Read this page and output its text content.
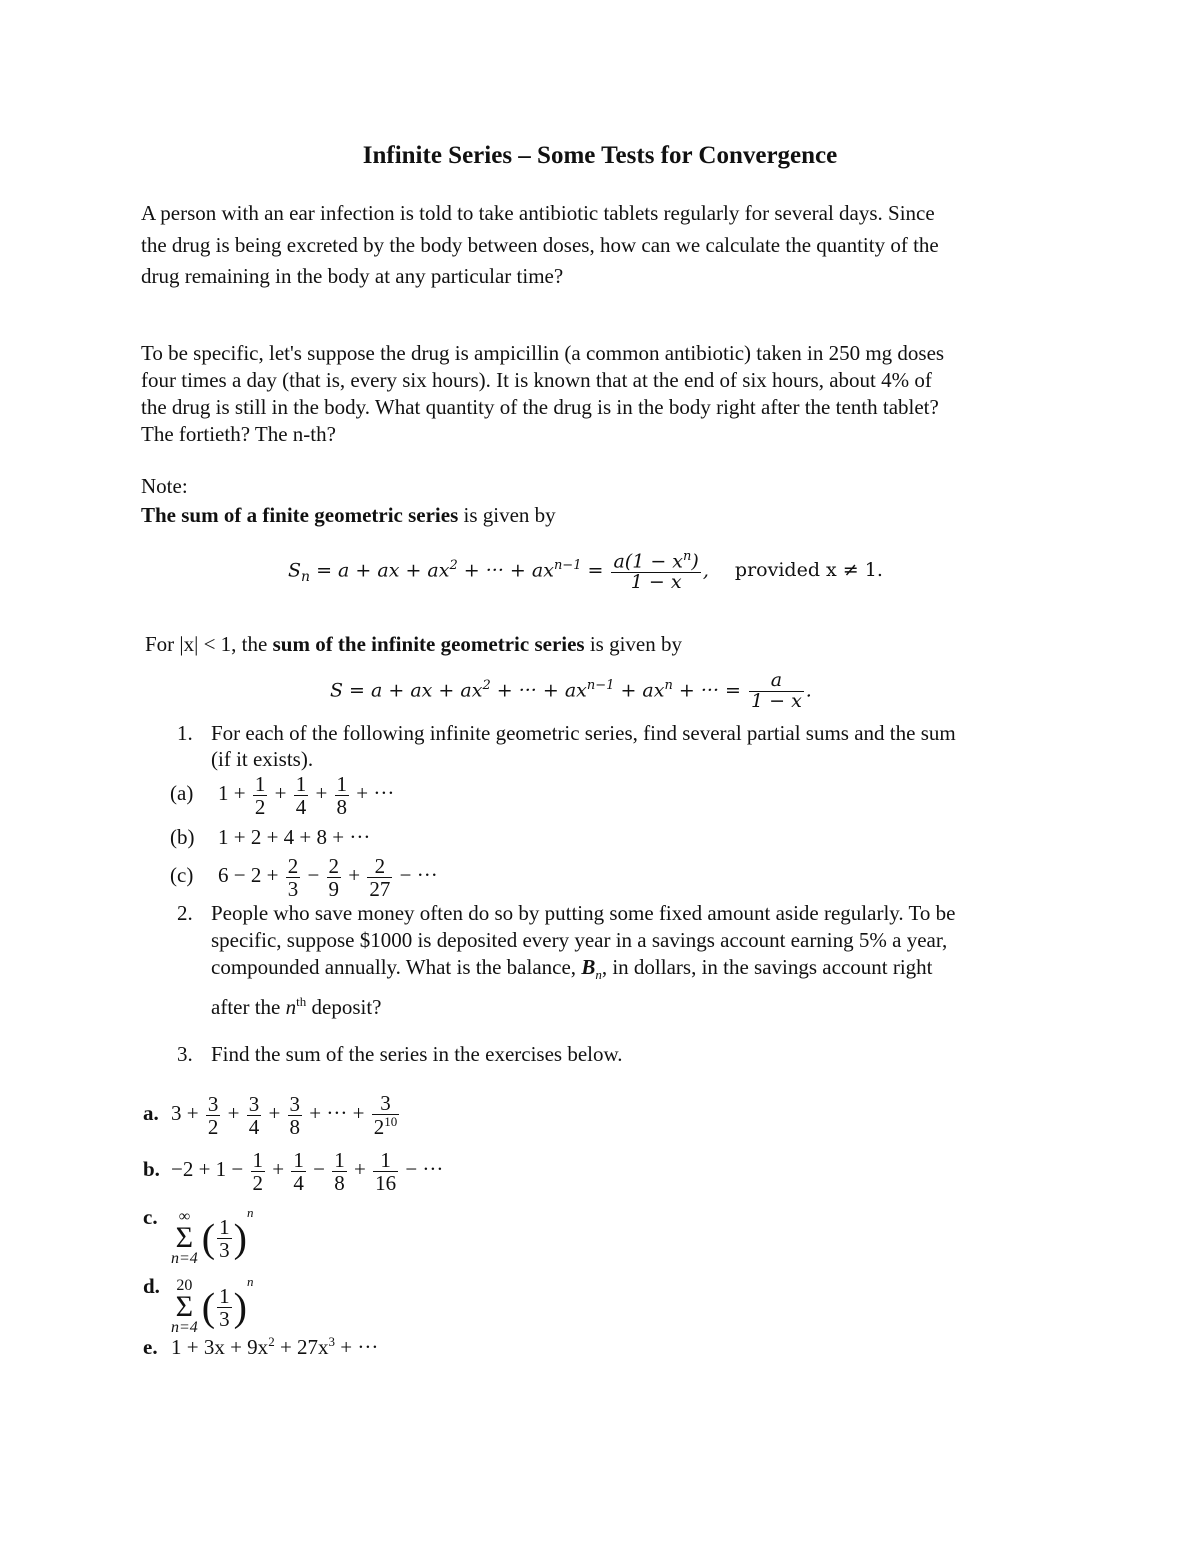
Infinite Series – Some Tests for Convergence
A person with an ear infection is told to take antibiotic tablets regularly for several days. Since
the drug is being excreted by the body between doses, how can we calculate the quantity of the
drug remaining in the body at any particular time?
To be specific, let's suppose the drug is ampicillin (a common antibiotic) taken in 250 mg doses
four times a day (that is, every six hours). It is known that at the end of six hours, about 4% of
the drug is still in the body. What quantity of the drug is in the body right after the tenth tablet?
The fortieth? The n-th?
Note:
The sum of a finite geometric series is given by
$S_n = a$ + ax + $ax^2$ + ··· + $ax^{n-1} = \frac{a(1 - x^n)}{1 - x}$ , provided x ≠ 1.
For |x| < 1, the sum of the infinite geometric series is given by
S = a + ax + $ax^2$ + ··· + $ax^{n-1} + ax^n$ + ··· = $\frac{a}{1 - x}$ .
1. For each of the following infinite geometric series, find several partial sums and the sum
(if it exists).
(a) $1 + \frac{1}{2} + \frac{1}{4} + \frac{1}{8}$ + ···
(b) 1 + 2 + 4 + 8 + ···
(c) $6 - 2 + \frac{2}{3} - \frac{2}{9} + \frac{2}{27}$ − ···
2. People who save money often do so by putting some fixed amount aside regularly. To be
specific, suppose $1000 is deposited every year in a savings account earning 5% a year,
compounded annually. What is the balance, $B_n$, in dollars, in the savings account right
after the $n^{th}$ deposit?
3. Find the sum of the series in the exercises below.
a. $3 + \frac{3}{2} + \frac{3}{4} + \frac{3}{8}$ + ··· + $\frac{3}{2^{10}}$
b. $-2 + 1 - \frac{1}{2} + \frac{1}{4} - \frac{1}{8} + \frac{1}{16}$ − ···
c.	∞
Σ
n=4 ( $\frac{1}{3} )^n$
d.	20
Σ
n=4 ( $\frac{1}{3} )^n$
e. $1 + 3x + 9x^2 + 27x^3$ + ···
